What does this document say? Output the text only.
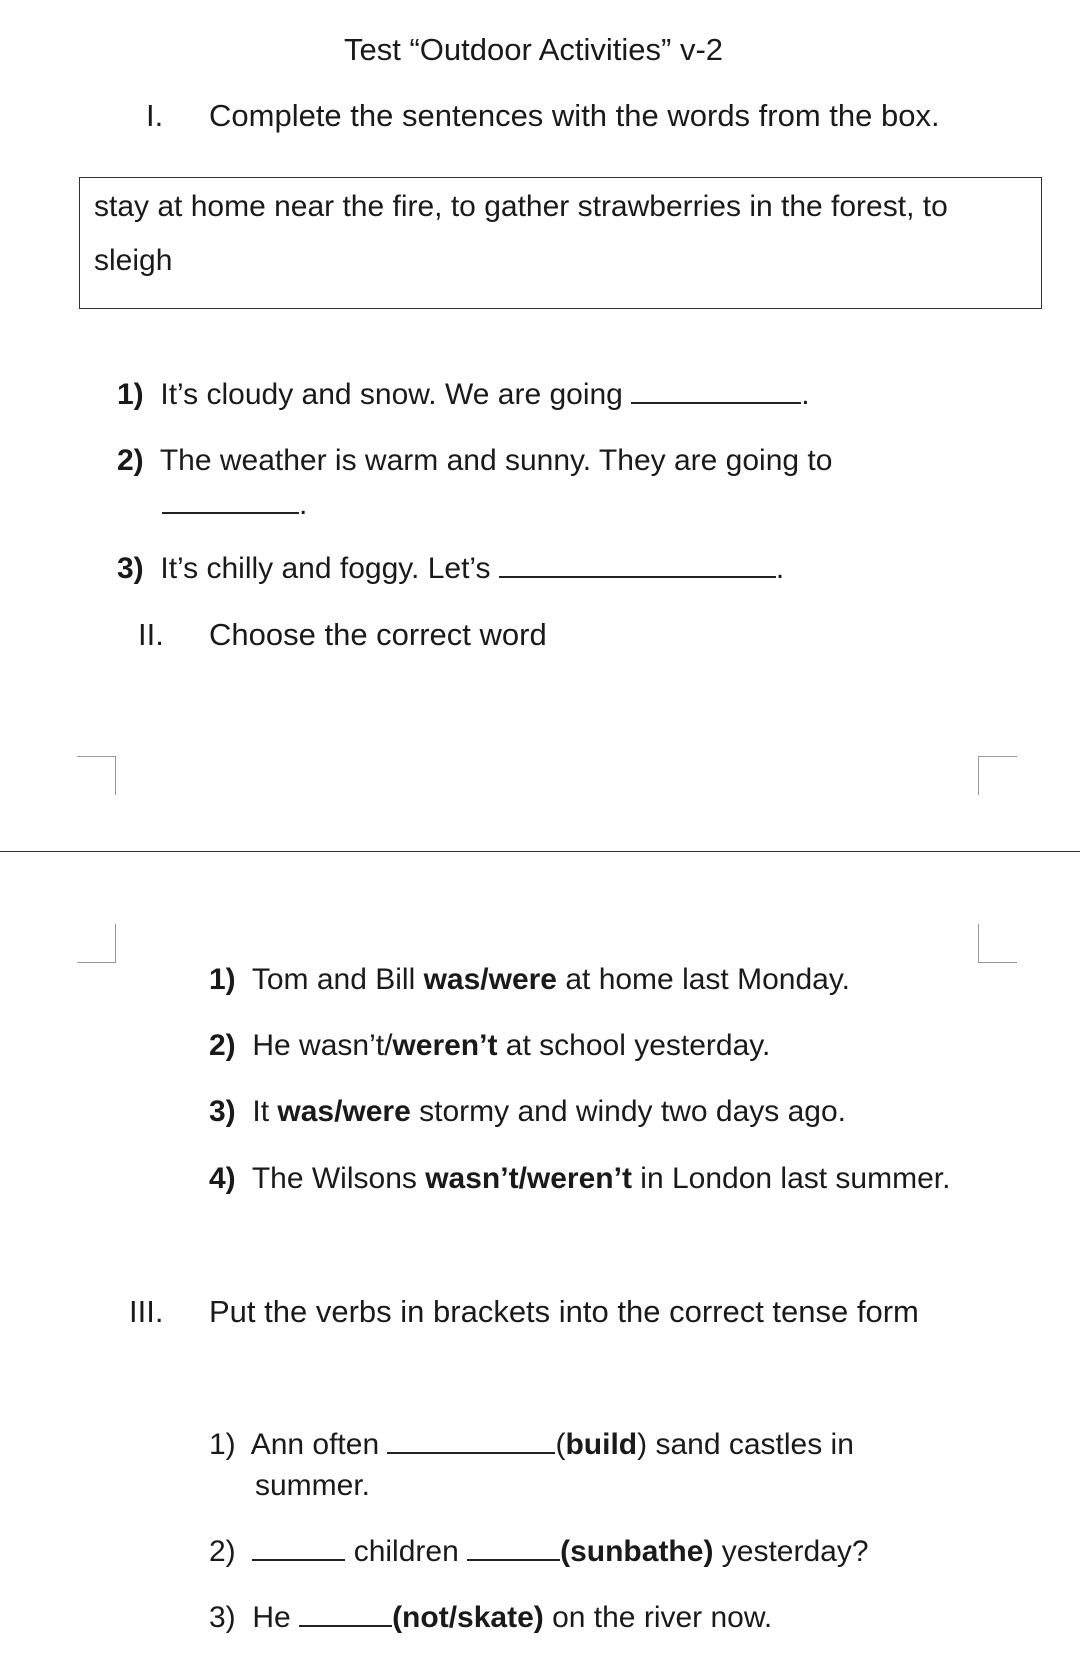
Test “Outdoor Activities” v-2
I. Complete the sentences with the words from the box.
stay at home near the fire, to gather strawberries in the forest, to sleigh
1) It’s cloudy and snow. We are going	.
2) The weather is warm and sunny. They are going to
.
3) It’s chilly and foggy. Let’s	.
II. Choose the correct word
1) Tom and Bill was/were at home last Monday.
2) He wasn’t/weren’t at school yesterday.
3) It was/were stormy and windy two days ago.
4) The Wilsons wasn’t/weren’t in London last summer.
III. Put the verbs in brackets into the correct tense form
1) Ann often	(build) sand castles in
summer.
2)	children	(sunbathe) yesterday?
3) He	(not/skate) on the river now.
